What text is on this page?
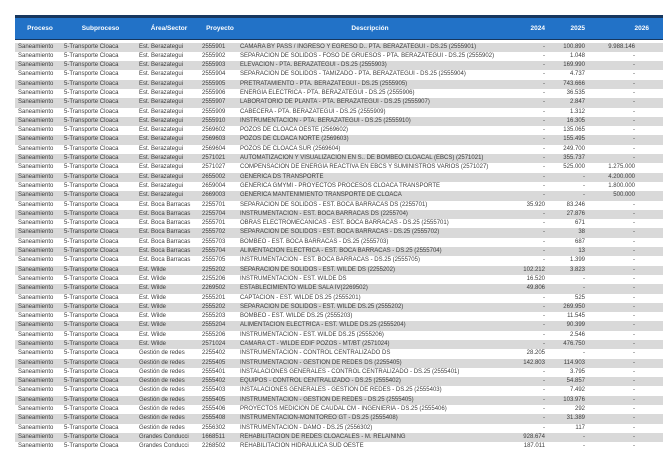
Proceso	Subproceso	Área/Sector	Proyecto	Descripción	2024	2025	2026
Saneamiento	5-Transporte Cloaca	Est. Berazategui	2555901	CÁMARA BY PASS / INGRESO Y EGRESO D.. PTA. BERAZATEGUI - DS.25 (2555901)	-	100.890	9.988.146
Saneamiento	5-Transporte Cloaca	Est. Berazategui	2555902	SEPARACIÓN DE SÓLIDOS - FOSO DE GRUESOS - PTA. BERAZATEGUI - DS.25 (2555902)	-	1.048	-
Saneamiento	5-Transporte Cloaca	Est. Berazategui	2555903	ELEVACIÓN - PTA. BERAZATEGUI - DS.25 (2555903)	-	169.990	-
Saneamiento	5-Transporte Cloaca	Est. Berazategui	2555904	SEPARACIÓN DE SÓLIDOS - TAMIZADO - PTA. BERAZATEGUI - DS.25 (2555904)	-	4.737	-
Saneamiento	5-Transporte Cloaca	Est. Berazategui	2555905	PRETRATAMIENTO - PTA. BERAZATEGUI - DS.25 (2555905)	-	743.666	-
Saneamiento	5-Transporte Cloaca	Est. Berazategui	2555906	ENERGÍA ELÉCTRICA - PTA. BERAZATEGUI - DS.25 (2555906)	-	36.535	-
Saneamiento	5-Transporte Cloaca	Est. Berazategui	2555907	LABORATORIO DE PLANTA - PTA. BERAZATEGUI - DS.25 (2555907)	-	2.847	-
Saneamiento	5-Transporte Cloaca	Est. Berazategui	2555909	CABECERA - PTA. BERAZATEGUI - DS.25 (2555909)	-	1.312	-
Saneamiento	5-Transporte Cloaca	Est. Berazategui	2555910	INSTRUMENTACIÓN - PTA. BERAZATEGUI - DS.25 (2555910)	-	16.305	-
Saneamiento	5-Transporte Cloaca	Est. Berazategui	2569602	POZOS DE CLOACA OESTE (2569602)	-	135.065	-
Saneamiento	5-Transporte Cloaca	Est. Berazategui	2569603	POZOS DE CLOACA NORTE (2569603)	-	155.495	-
Saneamiento	5-Transporte Cloaca	Est. Berazategui	2569604	POZOS DE CLOACA SUR (2569604)	-	249.700	-
Saneamiento	5-Transporte Cloaca	Est. Berazategui	2571021	AUTOMATIZACION Y VISUALIZACIÓN EN S.. DE BOMBEO CLOACAL (EBCS) (2571021)	-	355.737	-
Saneamiento	5-Transporte Cloaca	Est. Berazategui	2571027	COMPENSACIÓN DE ENERGÍA REACTIVA EN EBCS Y SUMINISTROS VARIOS (2571027)	-	525.000	1.275.000
Saneamiento	5-Transporte Cloaca	Est. Berazategui	2655002	GENÉRICA DS TRANSPORTE	-	-	4.200.000
Saneamiento	5-Transporte Cloaca	Est. Berazategui	2659004	GENÉRICA GMYMI - PROYECTOS PROCESOS CLOACA TRANSPORTE	-	-	1.800.000
Saneamiento	5-Transporte Cloaca	Est. Berazategui	2669003	GENÉRICA MANTENIMIENTO TRANSPORTE DE CLOACA	-	-	500.000
Saneamiento	5-Transporte Cloaca	Est. Boca Barracas	2255701	SEPARACIÓN DE SÓLIDOS - EST. BOCA BARRACAS DS (2255701)	35.920	83.246	-
Saneamiento	5-Transporte Cloaca	Est. Boca Barracas	2255704	INSTRUMENTACIÓN - EST. BOCA BARRACAS DS (2255704)	-	27.876	-
Saneamiento	5-Transporte Cloaca	Est. Boca Barracas	2555701	OBRAS ELECTROMECANICAS - EST. BOCA BARRACAS - DS.25 (2555701)	-	671	-
Saneamiento	5-Transporte Cloaca	Est. Boca Barracas	2555702	SEPARACIÓN DE SÓLIDOS - EST. BOCA BARRACAS - DS.25 (2555702)	-	38	-
Saneamiento	5-Transporte Cloaca	Est. Boca Barracas	2555703	BOMBEO - EST. BOCA BARRACAS - DS.25 (2555703)	-	687	-
Saneamiento	5-Transporte Cloaca	Est. Boca Barracas	2555704	ALIMENTACION ELECTRICA - EST. BOCA BARRACAS - DS.25 (2555704)	-	13	-
Saneamiento	5-Transporte Cloaca	Est. Boca Barracas	2555705	INSTRUMENTACIÓN - EST. BOCA BARRACAS - DS.25 (2555705)	-	1.399	-
Saneamiento	5-Transporte Cloaca	Est. Wilde	2255202	SEPARACIÓN DE SÓLIDOS - EST. WILDE DS (2255202)	102.212	3.823	-
Saneamiento	5-Transporte Cloaca	Est. Wilde	2255206	INSTRUMENTACIÓN - EST. WILDE DS	16.520	-	-
Saneamiento	5-Transporte Cloaca	Est. Wilde	2269502	ESTABLECIMIENTO WILDE SALA IV(2269502)	49.806	-	-
Saneamiento	5-Transporte Cloaca	Est. Wilde	2555201	CAPTACIÓN - EST. WILDE DS.25 (2555201)	-	525	-
Saneamiento	5-Transporte Cloaca	Est. Wilde	2555202	SEPARACIÓN DE SÓLIDOS - EST. WILDE DS.25 (2555202)	-	269.950	-
Saneamiento	5-Transporte Cloaca	Est. Wilde	2555203	BOMBEO - EST. WILDE DS.25 (2555203)	-	11.545	-
Saneamiento	5-Transporte Cloaca	Est. Wilde	2555204	ALIMENTACIÓN ELECTRICA - EST. WILDE DS.25 (2555204)	-	90.399	-
Saneamiento	5-Transporte Cloaca	Est. Wilde	2555206	INSTRUMENTACIÓN - EST. WILDE DS.25 (2555206)	-	2.546	-
Saneamiento	5-Transporte Cloaca	Est. Wilde	2571024	CAMARA CT - WILDE EDIF POZOS - MT/BT (2571024)	-	476.750	-
Saneamiento	5-Transporte Cloaca	Gestión de redes	2255402	INSTRUMENTACIÓN - CONTROL CENTRALIZADO DS	28.205	-	-
Saneamiento	5-Transporte Cloaca	Gestión de redes	2255405	INSTRUMENTACIÓN - GESTIÓN DE REDES DS (2255405)	142.803	114.903	-
Saneamiento	5-Transporte Cloaca	Gestión de redes	2555401	INSTALACIONES GENERALES - CONTROL CENTRALIZADO - DS.25 (2555401)	-	3.795	-
Saneamiento	5-Transporte Cloaca	Gestión de redes	2555402	EQUIPOS - CONTROL CENTRALIZADO - DS.25 (2555402)	-	54.857	-
Saneamiento	5-Transporte Cloaca	Gestión de redes	2555403	INSTALACIONES GENERALES - GESTIÓN DE REDES - DS.25 (2555403)	-	7.492	-
Saneamiento	5-Transporte Cloaca	Gestión de redes	2555405	INSTRUMENTACIÓN - GESTIÓN DE REDES - DS.25 (2555405)	-	103.976	-
Saneamiento	5-Transporte Cloaca	Gestión de redes	2555406	PROYECTOS MEDICION DE CAUDAL CM - INGENIERIA - DS.25 (2555406)	-	292	-
Saneamiento	5-Transporte Cloaca	Gestión de redes	2555408	INSTRUMENTACIÓN-MONITOREO GT - DS.25 (2555408)	-	31.389	-
Saneamiento	5-Transporte Cloaca	Gestión de redes	2556302	INSTRUMENTACIÓN - DAMO - DS.25 (2556302)	-	117	-
Saneamiento	5-Transporte Cloaca	Grandes Conducci	1668511	REHABILITACIÓN DE REDES CLOACALES - M. RELAINING	928.674	-	-
Saneamiento	5-Transporte Cloaca	Grandes Conducci	2268502	REHABILITACIÓN HIDRÁULICA SUD OESTE	187.011	-	-
